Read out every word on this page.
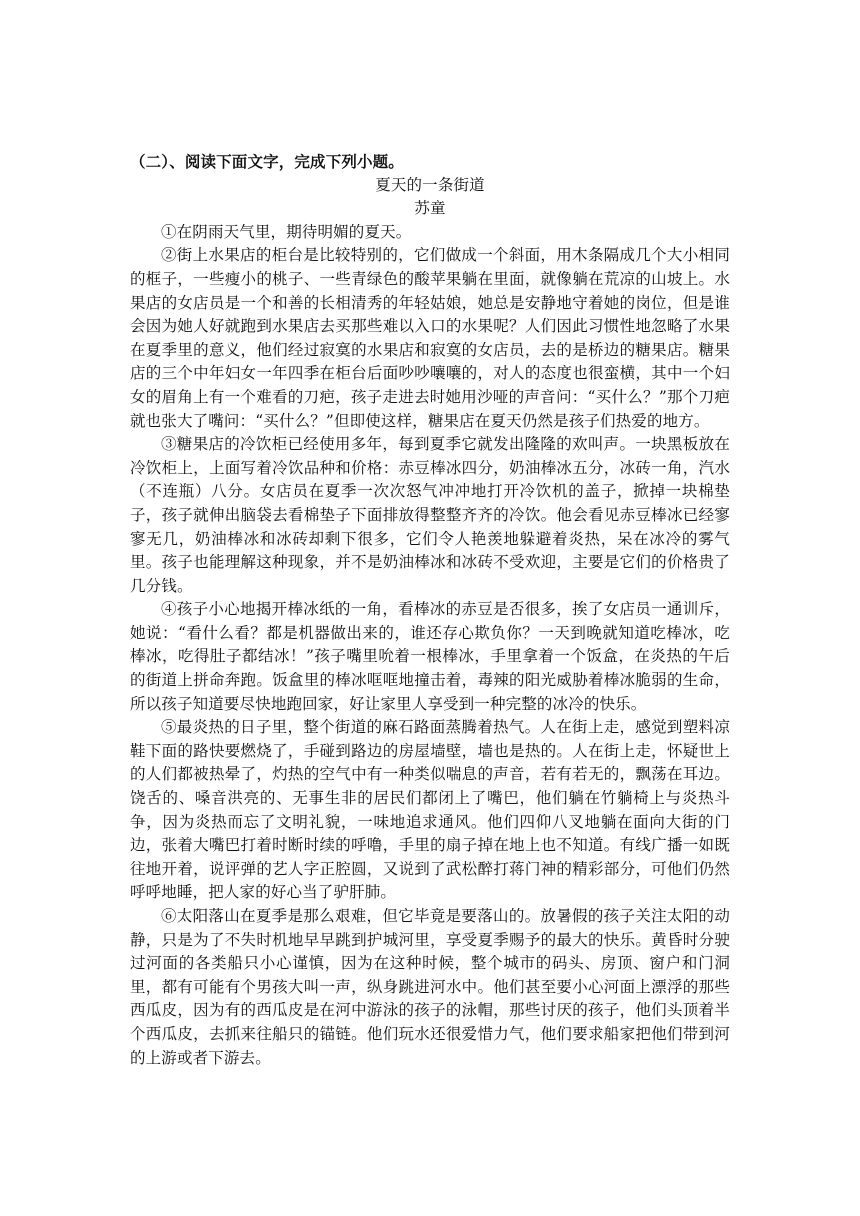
（二）、阅读下面文字，完成下列小题。

夏天的一条街道

苏童

①在阴雨天气里，期待明媚的夏天。

②街上水果店的柜台是比较特别的，它们做成一个斜面，用木条隔成几个大小相同的框子，一些瘦小的桃子、一些青绿色的酸苹果躺在里面，就像躺在荒凉的山坡上。水果店的女店员是一个和善的长相清秀的年轻姑娘，她总是安静地守着她的岗位，但是谁会因为她人好就跑到水果店去买那些难以入口的水果呢？人们因此习惯性地忽略了水果在夏季里的意义，他们经过寂寞的水果店和寂寞的女店员，去的是桥边的糖果店。糖果店的三个中年妇女一年四季在柜台后面吵吵嚷嚷的，对人的态度也很蛮横，其中一个妇女的眉角上有一个难看的刀疤，孩子走进去时她用沙哑的声音问：“买什么？”那个刀疤就也张大了嘴问：“买什么？”但即使这样，糖果店在夏天仍然是孩子们热爱的地方。

③糖果店的冷饮柜已经使用多年，每到夏季它就发出隆隆的欢叫声。一块黑板放在冷饮柜上，上面写着冷饮品种和价格：赤豆棒冰四分，奶油棒冰五分，冰砖一角，汽水（不连瓶）八分。女店员在夏季一次次怒气冲冲地打开冷饮机的盖子，掀掉一块棉垫子，孩子就伸出脑袋去看棉垫子下面排放得整整齐齐的冷饮。他会看见赤豆棒冰已经寥寥无几，奶油棒冰和冰砖却剩下很多，它们令人艳羡地躲避着炎热，呆在冰冷的雾气里。孩子也能理解这种现象，并不是奶油棒冰和冰砖不受欢迎，主要是它们的价格贵了几分钱。

④孩子小心地揭开棒冰纸的一角，看棒冰的赤豆是否很多，挨了女店员一通训斥，她说：“看什么看？都是机器做出来的，谁还存心欺负你？一天到晚就知道吃棒冰，吃棒冰，吃得肚子都结冰！”孩子嘴里吮着一根棒冰，手里拿着一个饭盒，在炎热的午后的街道上拼命奔跑。饭盒里的棒冰哐哐地撞击着，毒辣的阳光威胁着棒冰脆弱的生命，所以孩子知道要尽快地跑回家，好让家里人享受到一种完整的冰冷的快乐。

⑤最炎热的日子里，整个街道的麻石路面蒸腾着热气。人在街上走，感觉到塑料凉鞋下面的路快要燃烧了，手碰到路边的房屋墙壁，墙也是热的。人在街上走，怀疑世上的人们都被热晕了，灼热的空气中有一种类似喘息的声音，若有若无的，飘荡在耳边。饶舌的、嗓音洪亮的、无事生非的居民们都闭上了嘴巴，他们躺在竹躺椅上与炎热斗争，因为炎热而忘了文明礼貌，一味地追求通风。他们四仰八叉地躺在面向大街的门边，张着大嘴巴打着时断时续的呼噜，手里的扇子掉在地上也不知道。有线广播一如既往地开着，说评弹的艺人字正腔圆，又说到了武松醉打蒋门神的精彩部分，可他们仍然呼呼地睡，把人家的好心当了驴肝肺。

⑥太阳落山在夏季是那么艰难，但它毕竟是要落山的。放暑假的孩子关注太阳的动静，只是为了不失时机地早早跳到护城河里，享受夏季赐予的最大的快乐。黄昏时分驶过河面的各类船只小心谨慎，因为在这种时候，整个城市的码头、房顶、窗户和门洞里，都有可能有个男孩大叫一声，纵身跳进河水中。他们甚至要小心河面上漂浮的那些西瓜皮，因为有的西瓜皮是在河中游泳的孩子的泳帽，那些讨厌的孩子，他们头顶着半个西瓜皮，去抓来往船只的锚链。他们玩水还很爱惜力气，他们要求船家把他们带到河的上游或者下游去。
